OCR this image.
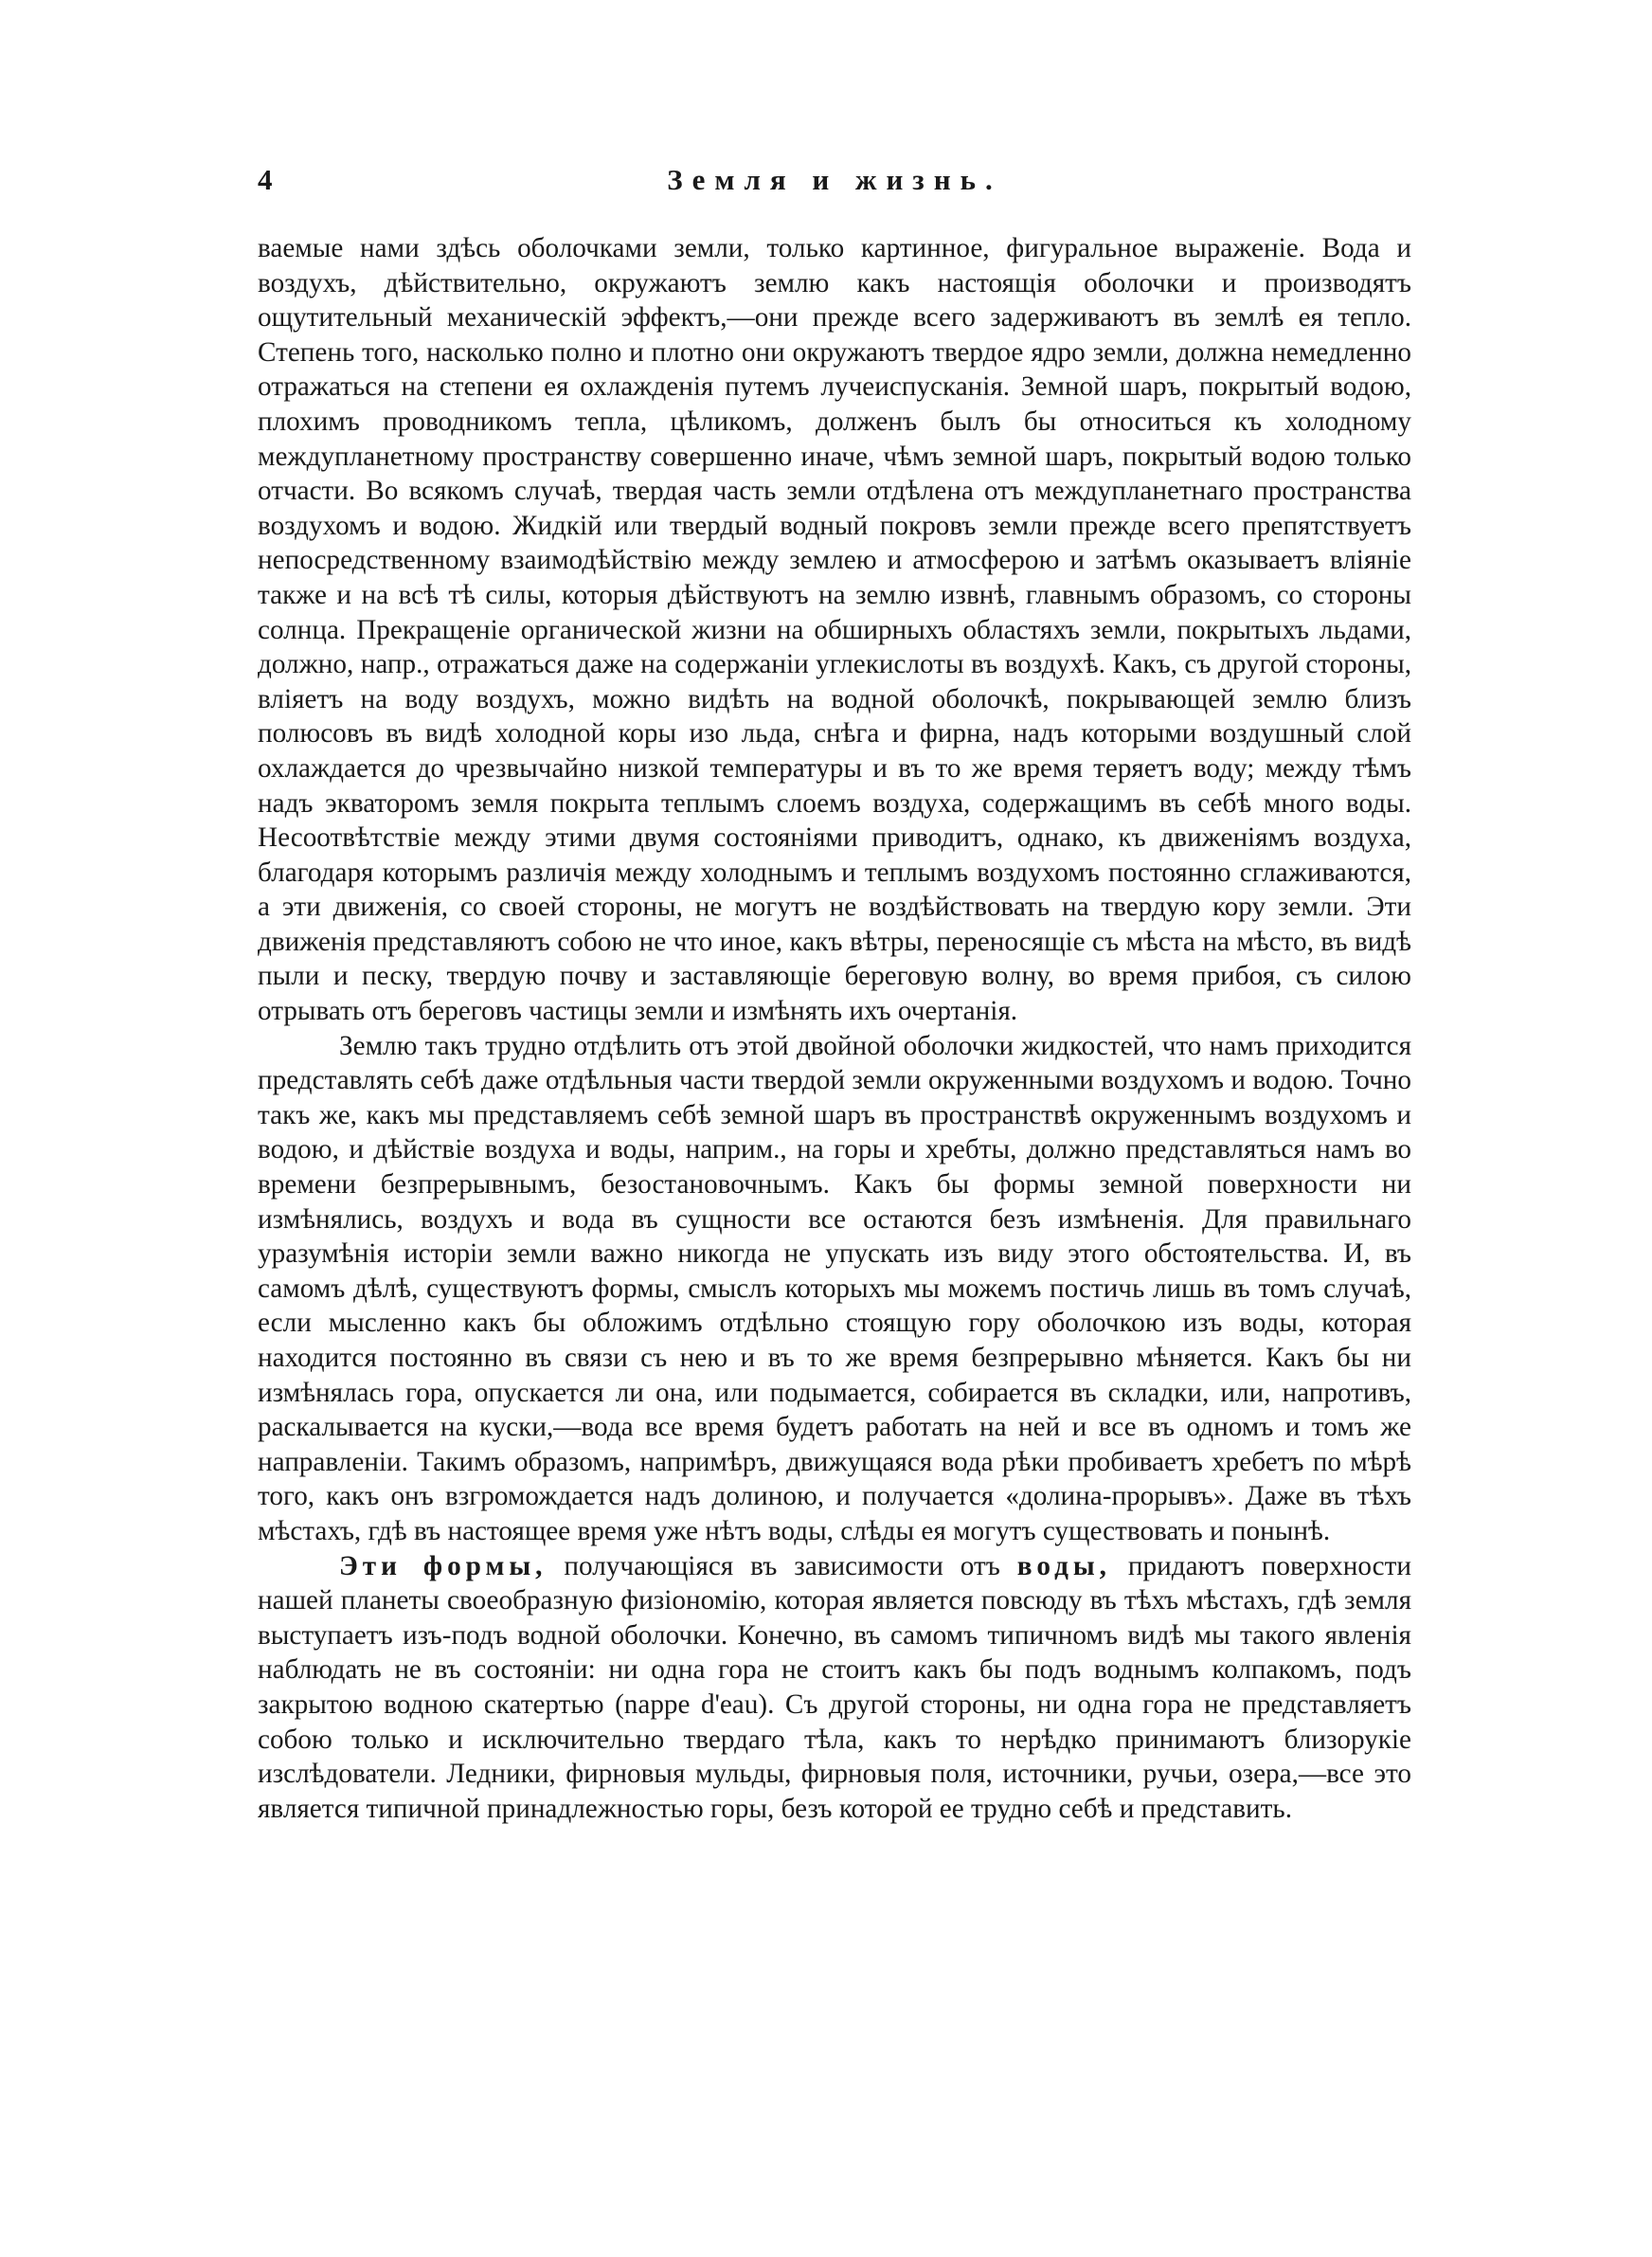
4	Земля и жизнь.

ваемые нами здѣсь оболочками земли, только картинное, фигуральное выраженіе. Вода и воздухъ, дѣйствительно, окружаютъ землю какъ настоящія оболочки и производятъ ощутительный механическій эффектъ,—они прежде всего задерживаютъ въ землѣ ея тепло. Степень того, насколько полно и плотно они окружаютъ твердое ядро земли, должна немедленно отражаться на степени ея охлажденія путемъ лучеиспусканія. Земной шаръ, покрытый водою, плохимъ проводникомъ тепла, цѣликомъ, долженъ былъ бы относиться къ холодному междупланетному пространству совершенно иначе, чѣмъ земной шаръ, покрытый водою только отчасти. Во всякомъ случаѣ, твердая часть земли отдѣлена отъ междупланетнаго пространства воздухомъ и водою. Жидкій или твердый водный покровъ земли прежде всего препятствуетъ непосредственному взаимодѣйствію между землею и атмосферою и затѣмъ оказываетъ вліяніе также и на всѣ тѣ силы, которыя дѣйствуютъ на землю извнѣ, главнымъ образомъ, со стороны солнца. Прекращеніе органической жизни на обширныхъ областяхъ земли, покрытыхъ льдами, должно, напр., отражаться даже на содержаніи углекислоты въ воздухѣ. Какъ, съ другой стороны, вліяетъ на воду воздухъ, можно видѣть на водной оболочкѣ, покрывающей землю близъ полюсовъ въ видѣ холодной коры изо льда, снѣга и фирна, надъ которыми воздушный слой охлаждается до чрезвычайно низкой температуры и въ то же время теряетъ воду; между тѣмъ надъ экваторомъ земля покрыта теплымъ слоемъ воздуха, содержащимъ въ себѣ много воды. Несоотвѣтствіе между этими двумя состояніями приводитъ, однако, къ движеніямъ воздуха, благодаря которымъ различія между холоднымъ и теплымъ воздухомъ постоянно сглаживаются, а эти движенія, со своей стороны, не могутъ не воздѣйствовать на твердую кору земли. Эти движенія представляютъ собою не что иное, какъ вѣтры, переносящіе съ мѣста на мѣсто, въ видѣ пыли и песку, твердую почву и заставляющіе береговую волну, во время прибоя, съ силою отрывать отъ береговъ частицы земли и измѣнять ихъ очертанія.

Землю такъ трудно отдѣлить отъ этой двойной оболочки жидкостей, что намъ приходится представлять себѣ даже отдѣльныя части твердой земли окруженными воздухомъ и водою. Точно такъ же, какъ мы представляемъ себѣ земной шаръ въ пространствѣ окруженнымъ воздухомъ и водою, и дѣйствіе воздуха и воды, наприм., на горы и хребты, должно представляться намъ во времени безпрерывнымъ, безостановочнымъ. Какъ бы формы земной поверхности ни измѣнялись, воздухъ и вода въ сущности все остаются безъ измѣненія. Для правильнаго уразумѣнія исторіи земли важно никогда не упускать изъ виду этого обстоятельства. И, въ самомъ дѣлѣ, существуютъ формы, смыслъ которыхъ мы можемъ постичь лишь въ томъ случаѣ, если мысленно какъ бы обложимъ отдѣльно стоящую гору оболочкою изъ воды, которая находится постоянно въ связи съ нею и въ то же время безпрерывно мѣняется. Какъ бы ни измѣнялась гора, опускается ли она, или подымается, собирается въ складки, или, напротивъ, раскалывается на куски,—вода все время будетъ работать на ней и все въ одномъ и томъ же направленіи. Такимъ образомъ, напримѣръ, движущаяся вода рѣки пробиваетъ хребетъ по мѣрѣ того, какъ онъ взгромождается надъ долиною, и получается «долина-прорывъ». Даже въ тѣхъ мѣстахъ, гдѣ въ настоящее время уже нѣтъ воды, слѣды ея могутъ существовать и понынѣ.

Эти формы, получающіяся въ зависимости отъ воды, придаютъ поверхности нашей планеты своеобразную физіономію, которая является повсюду въ тѣхъ мѣстахъ, гдѣ земля выступаетъ изъ-подъ водной оболочки. Конечно, въ самомъ типичномъ видѣ мы такого явленія наблюдать не въ состояніи: ни одна гора не стоитъ какъ бы подъ воднымъ колпакомъ, подъ закрытою водною скатертью (nappe d'eau). Съ другой стороны, ни одна гора не представляетъ собою только и исключительно твердаго тѣла, какъ то нерѣдко принимаютъ близорукіе изслѣдователи. Ледники, фирновыя мульды, фирновыя поля, источники, ручьи, озера,—все это является типичной принадлежностью горы, безъ которой ее трудно себѣ и представить.
